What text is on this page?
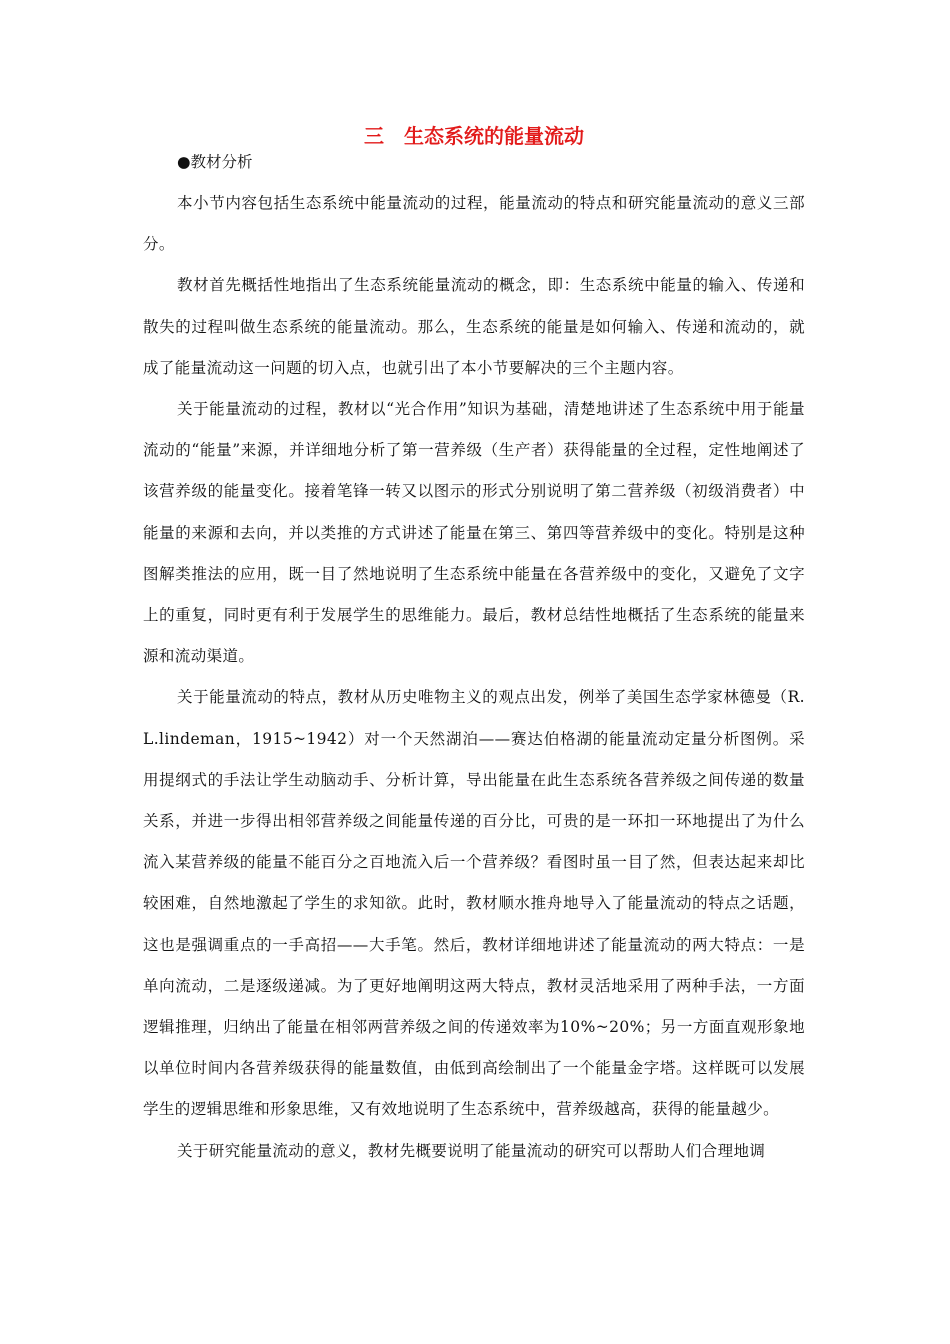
三　生态系统的能量流动
●教材分析

本小节内容包括生态系统中能量流动的过程，能量流动的特点和研究能量流动的意义三部分。

教材首先概括性地指出了生态系统能量流动的概念，即：生态系统中能量的输入、传递和散失的过程叫做生态系统的能量流动。那么，生态系统的能量是如何输入、传递和流动的，就成了能量流动这一问题的切入点，也就引出了本小节要解决的三个主题内容。

关于能量流动的过程，教材以“光合作用”知识为基础，清楚地讲述了生态系统中用于能量流动的“能量”来源，并详细地分析了第一营养级（生产者）获得能量的全过程，定性地阐述了该营养级的能量变化。接着笔锋一转又以图示的形式分别说明了第二营养级（初级消费者）中能量的来源和去向，并以类推的方式讲述了能量在第三、第四等营养级中的变化。特别是这种图解类推法的应用，既一目了然地说明了生态系统中能量在各营养级中的变化，又避免了文字上的重复，同时更有利于发展学生的思维能力。最后，教材总结性地概括了生态系统的能量来源和流动渠道。

关于能量流动的特点，教材从历史唯物主义的观点出发，例举了美国生态学家林德曼（R.L.lindeman，1915~1942）对一个天然湖泊——赛达伯格湖的能量流动定量分析图例。采用提纲式的手法让学生动脑动手、分析计算，导出能量在此生态系统各营养级之间传递的数量关系，并进一步得出相邻营养级之间能量传递的百分比，可贵的是一环扣一环地提出了为什么流入某营养级的能量不能百分之百地流入后一个营养级？看图时虽一目了然，但表达起来却比较困难，自然地激起了学生的求知欲。此时，教材顺水推舟地导入了能量流动的特点之话题，这也是强调重点的一手高招——大手笔。然后，教材详细地讲述了能量流动的两大特点：一是单向流动，二是逐级递减。为了更好地阐明这两大特点，教材灵活地采用了两种手法，一方面逻辑推理，归纳出了能量在相邻两营养级之间的传递效率为10%~20%；另一方面直观形象地以单位时间内各营养级获得的能量数值，由低到高绘制出了一个能量金字塔。这样既可以发展学生的逻辑思维和形象思维，又有效地说明了生态系统中，营养级越高，获得的能量越少。

关于研究能量流动的意义，教材先概要说明了能量流动的研究可以帮助人们合理地调
